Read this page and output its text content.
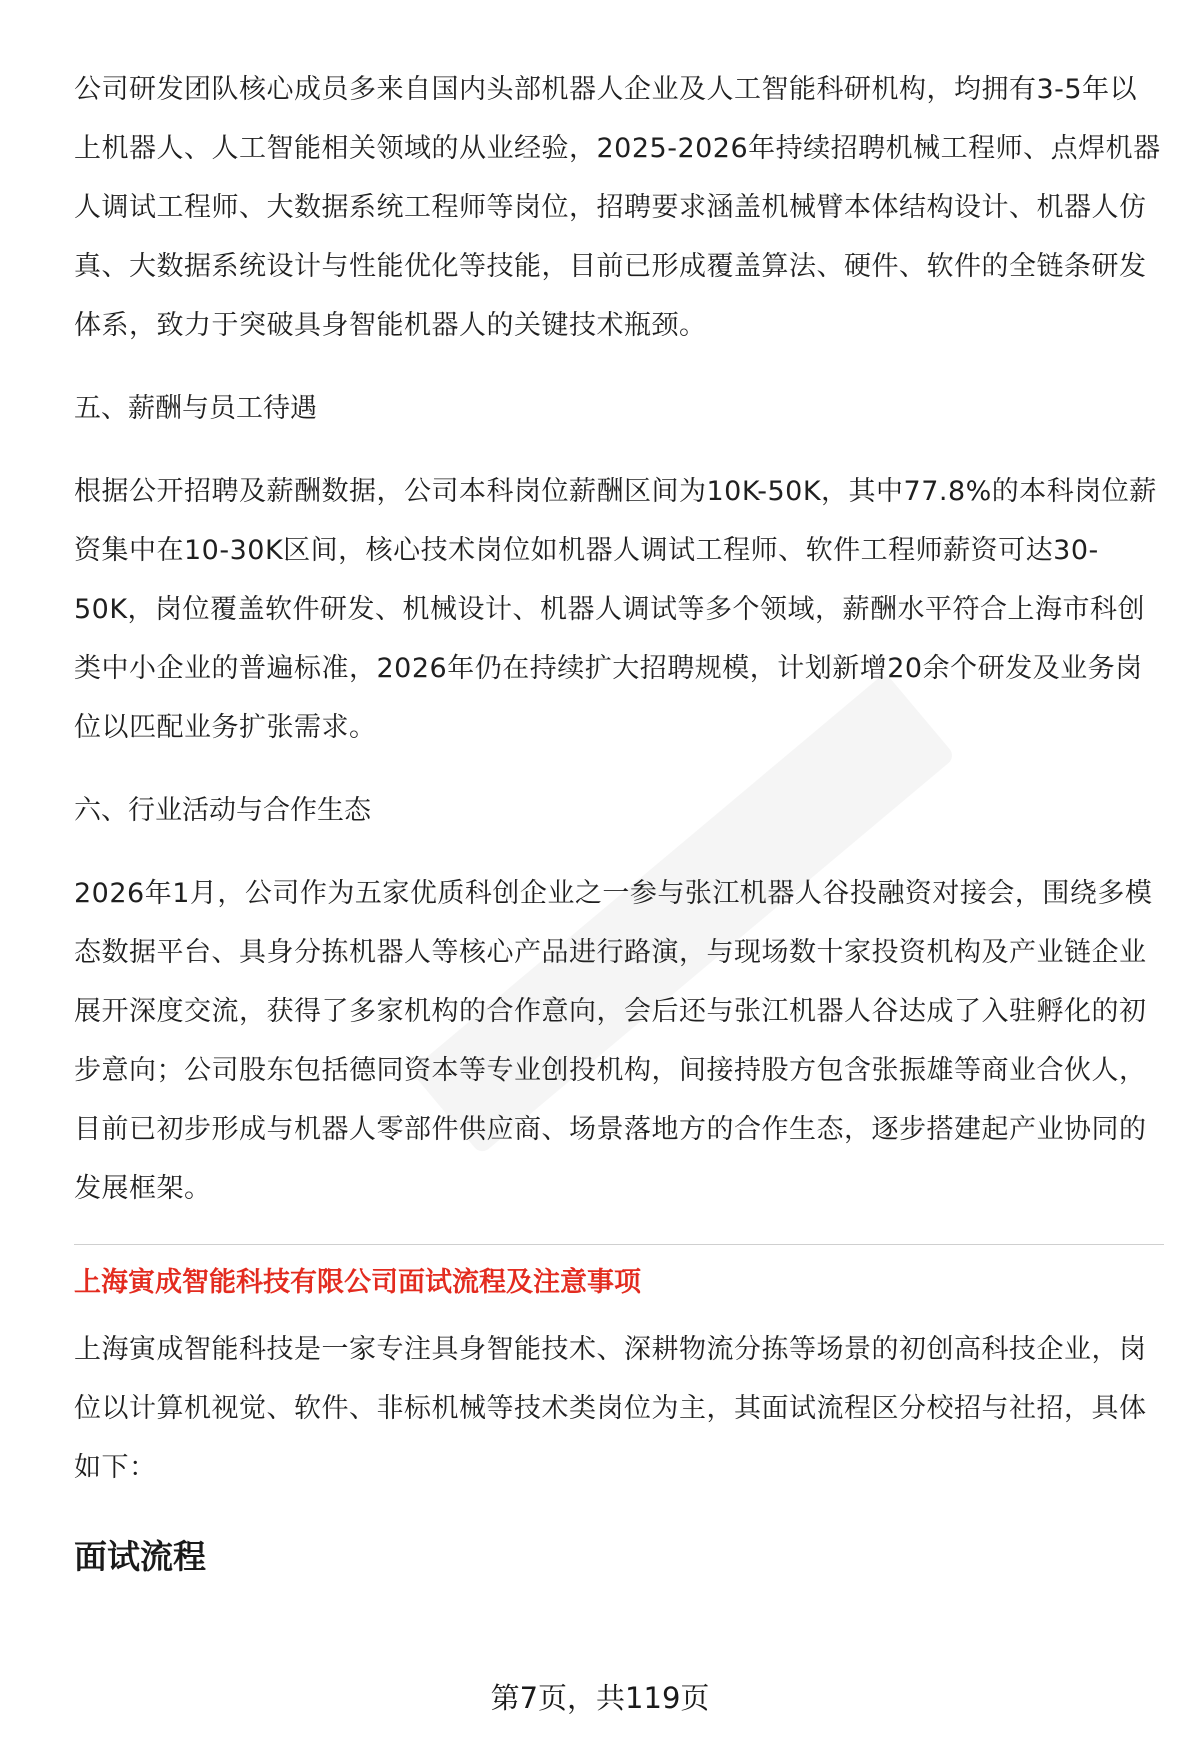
公司研发团队核心成员多来自国内头部机器人企业及人工智能科研机构，均拥有3-5年以上机器人、人工智能相关领域的从业经验，2025-2026年持续招聘机械工程师、点焊机器人调试工程师、大数据系统工程师等岗位，招聘要求涵盖机械臂本体结构设计、机器人仿真、大数据系统设计与性能优化等技能，目前已形成覆盖算法、硬件、软件的全链条研发体系，致力于突破具身智能机器人的关键技术瓶颈。

五、薪酬与员工待遇

根据公开招聘及薪酬数据，公司本科岗位薪酬区间为10K-50K，其中77.8%的本科岗位薪资集中在10-30K区间，核心技术岗位如机器人调试工程师、软件工程师薪资可达30-50K，岗位覆盖软件研发、机械设计、机器人调试等多个领域，薪酬水平符合上海市科创类中小企业的普遍标准，2026年仍在持续扩大招聘规模，计划新增20余个研发及业务岗位以匹配业务扩张需求。

六、行业活动与合作生态

2026年1月，公司作为五家优质科创企业之一参与张江机器人谷投融资对接会，围绕多模态数据平台、具身分拣机器人等核心产品进行路演，与现场数十家投资机构及产业链企业展开深度交流，获得了多家机构的合作意向，会后还与张江机器人谷达成了入驻孵化的初步意向；公司股东包括德同资本等专业创投机构，间接持股方包含张振雄等商业合伙人，目前已初步形成与机器人零部件供应商、场景落地方的合作生态，逐步搭建起产业协同的发展框架。

上海寅成智能科技有限公司面试流程及注意事项

上海寅成智能科技是一家专注具身智能技术、深耕物流分拣等场景的初创高科技企业，岗位以计算机视觉、软件、非标机械等技术类岗位为主，其面试流程区分校招与社招，具体如下：

面试流程

第7页，共119页
